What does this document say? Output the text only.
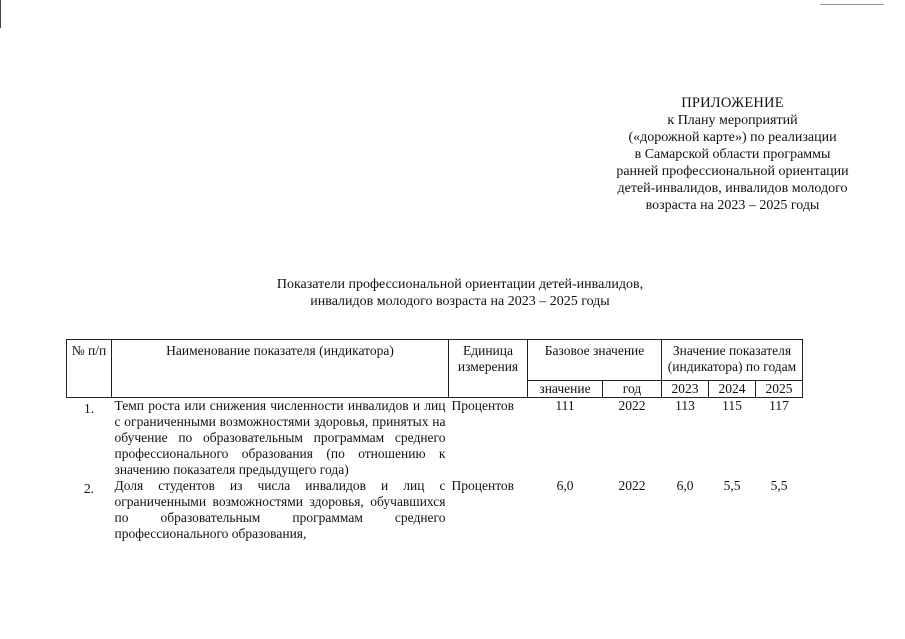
ПРИЛОЖЕНИЕ
к Плану мероприятий
(«дорожной карте») по реализации
в Самарской области программы
ранней профессиональной ориентации
детей-инвалидов, инвалидов молодого
возраста на 2023 – 2025 годы
Показатели профессиональной ориентации детей-инвалидов,
инвалидов молодого возраста на 2023 – 2025 годы
№ п/п	Наименование показателя (индикатора)	Единица измерения	Базовое значение		Значение показателя (индикатора) по годам		
			значение	год	2023	2024	2025
1.	Темп роста или снижения численности инвалидов и лиц с ограниченными возможностями здоровья, принятых на обучение по образовательным программам среднего профессионального образования (по отношению к значению показателя предыдущего года)	Процентов	111	2022	113	115	117
2.	Доля студентов из числа инвалидов и лиц с ограниченными возможностями здоровья, обучавшихся по образовательным программам среднего профессионального образования,	Процентов	6,0	2022	6,0	5,5	5,5
